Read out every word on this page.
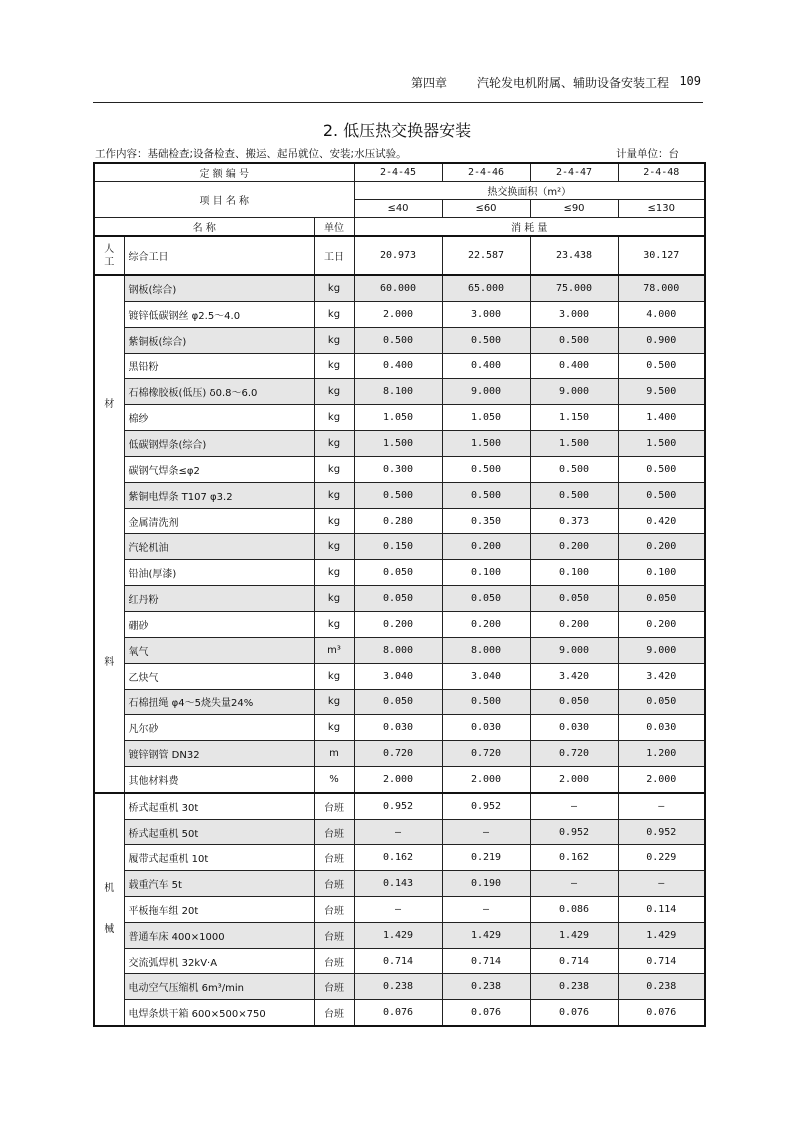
第四章 汽轮发电机附属、辅助设备安装工程 109
2. 低压热交换器安装
工作内容：基础检查;设备检查、搬运、起吊就位、安装;水压试验。	计量单位：台
定 额 编 号			2-4-45	2-4-46	2-4-47	2-4-48
项 目 名 称			热交换面积（m²）			
			≤40	≤60	≤90	≤130
名 称		单位	消 耗 量			

人
工	综合工日	工日	20.973	22.587	23.438	30.127

材
料	钢板(综合)	kg	60.000	65.000	75.000	78.000
	镀锌低碳钢丝 φ2.5～4.0	kg	2.000	3.000	3.000	4.000
	紫铜板(综合)	kg	0.500	0.500	0.500	0.900
	黑铅粉	kg	0.400	0.400	0.400	0.500
	石棉橡胶板(低压) δ0.8～6.0	kg	8.100	9.000	9.000	9.500
	棉纱	kg	1.050	1.050	1.150	1.400
	低碳钢焊条(综合)	kg	1.500	1.500	1.500	1.500
	碳钢气焊条≤φ2	kg	0.300	0.500	0.500	0.500
	紫铜电焊条 T107 φ3.2	kg	0.500	0.500	0.500	0.500
	金属清洗剂	kg	0.280	0.350	0.373	0.420
	汽轮机油	kg	0.150	0.200	0.200	0.200
	铅油(厚漆)	kg	0.050	0.100	0.100	0.100
	红丹粉	kg	0.050	0.050	0.050	0.050
	硼砂	kg	0.200	0.200	0.200	0.200
	氧气	m³	8.000	8.000	9.000	9.000
	乙炔气	kg	3.040	3.040	3.420	3.420
	石棉扭绳 φ4～5烧失量24%	kg	0.050	0.500	0.050	0.050
	凡尔砂	kg	0.030	0.030	0.030	0.030
	镀锌钢管 DN32	m	0.720	0.720	0.720	1.200
	其他材料费	%	2.000	2.000	2.000	2.000

机
械	桥式起重机 30t	台班	0.952	0.952	—	—
	桥式起重机 50t	台班	—	—	0.952	0.952
	履带式起重机 10t	台班	0.162	0.219	0.162	0.229
	载重汽车 5t	台班	0.143	0.190	—	—
	平板拖车组 20t	台班	—	—	0.086	0.114
	普通车床 400×1000	台班	1.429	1.429	1.429	1.429
	交流弧焊机 32kV·A	台班	0.714	0.714	0.714	0.714
	电动空气压缩机 6m³/min	台班	0.238	0.238	0.238	0.238
	电焊条烘干箱 600×500×750	台班	0.076	0.076	0.076	0.076
